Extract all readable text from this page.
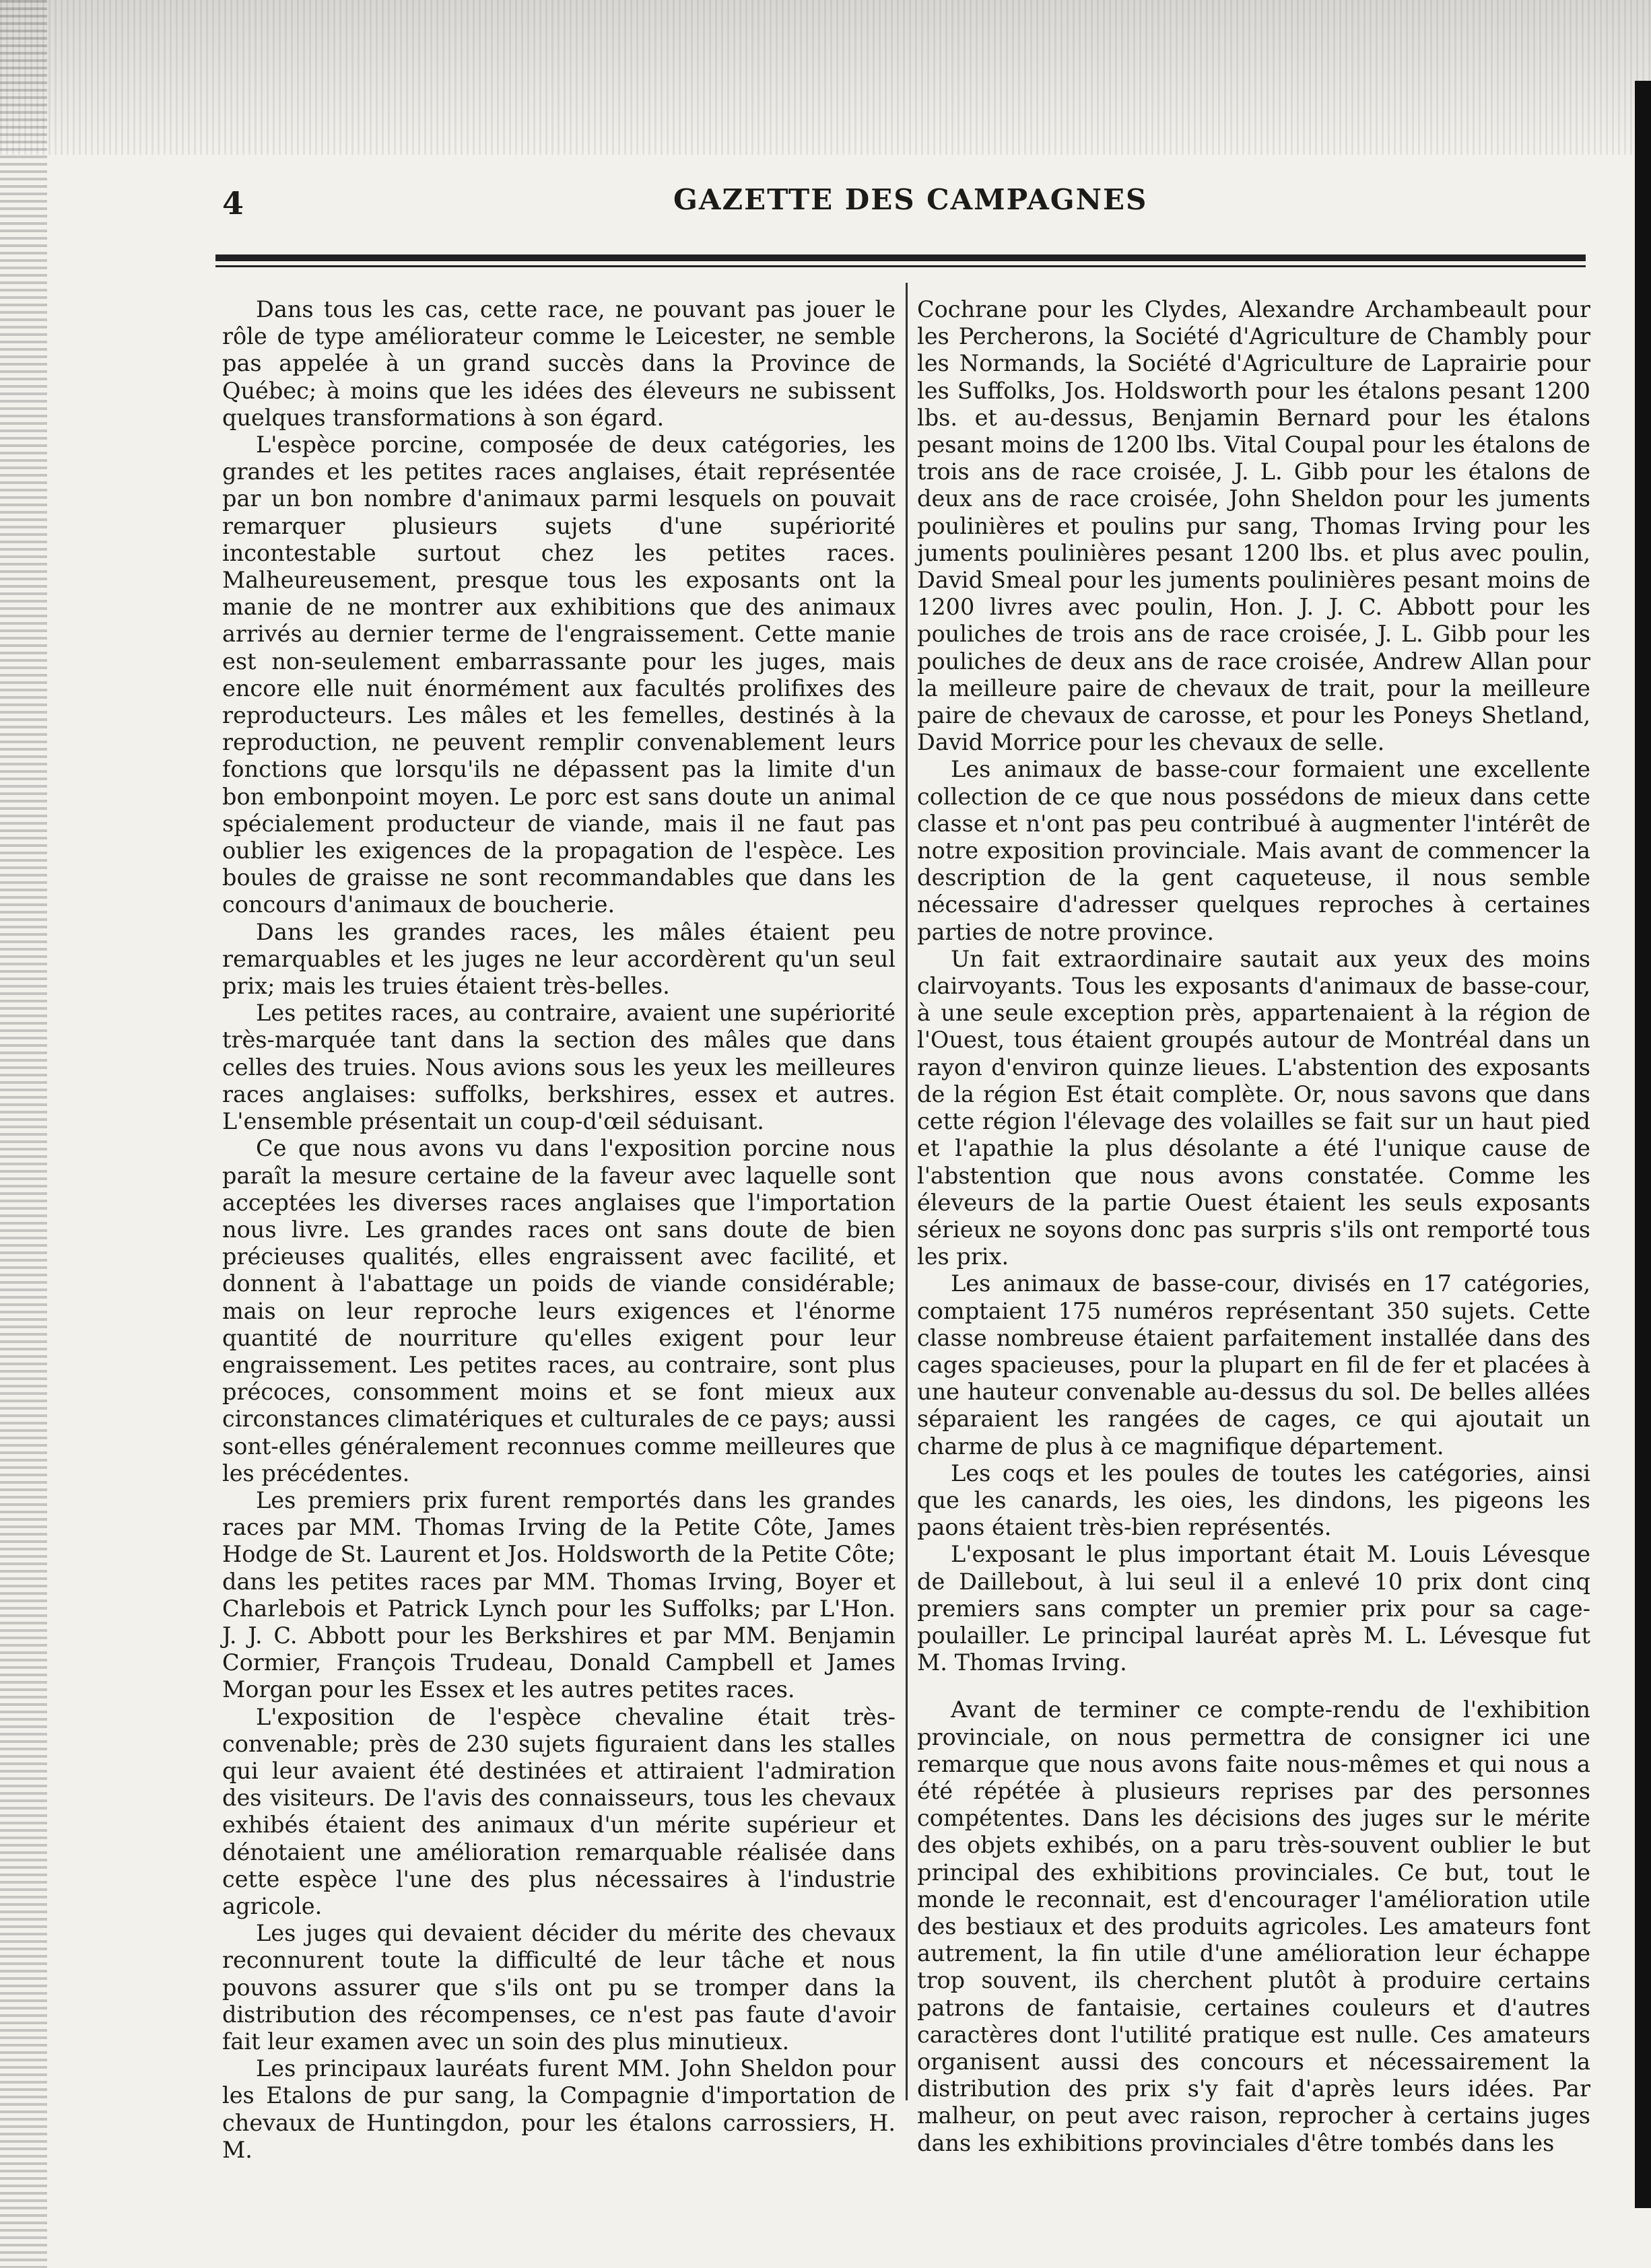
4	GAZETTE DES CAMPAGNES

Dans tous les cas, cette race, ne pouvant pas jouer le rôle de type améliorateur comme le Leicester, ne semble pas appelée à un grand succès dans la Province de Québec; à moins que les idées des éleveurs ne subissent quelques transformations à son égard.

L'espèce porcine, composée de deux catégories, les grandes et les petites races anglaises, était représentée par un bon nombre d'animaux parmi lesquels on pouvait remarquer plusieurs sujets d'une supériorité incontestable surtout chez les petites races. Malheureusement, presque tous les exposants ont la manie de ne montrer aux exhibitions que des animaux arrivés au dernier terme de l'engraissement. Cette manie est non-seulement embarrassante pour les juges, mais encore elle nuit énormément aux facultés prolifixes des reproducteurs. Les mâles et les femelles, destinés à la reproduction, ne peuvent remplir convenablement leurs fonctions que lorsqu'ils ne dépassent pas la limite d'un bon embonpoint moyen. Le porc est sans doute un animal spécialement producteur de viande, mais il ne faut pas oublier les exigences de la propagation de l'espèce. Les boules de graisse ne sont recommandables que dans les concours d'animaux de boucherie.

Dans les grandes races, les mâles étaient peu remarquables et les juges ne leur accordèrent qu'un seul prix; mais les truies étaient très-belles.

Les petites races, au contraire, avaient une supériorité très-marquée tant dans la section des mâles que dans celles des truies. Nous avions sous les yeux les meilleures races anglaises: suffolks, berkshires, essex et autres. L'ensemble présentait un coup-d'œil séduisant.

Ce que nous avons vu dans l'exposition porcine nous paraît la mesure certaine de la faveur avec laquelle sont acceptées les diverses races anglaises que l'importation nous livre. Les grandes races ont sans doute de bien précieuses qualités, elles engraissent avec facilité, et donnent à l'abattage un poids de viande considérable; mais on leur reproche leurs exigences et l'énorme quantité de nourriture qu'elles exigent pour leur engraissement. Les petites races, au contraire, sont plus précoces, consomment moins et se font mieux aux circonstances climatériques et culturales de ce pays; aussi sont-elles généralement reconnues comme meilleures que les précédentes.

Les premiers prix furent remportés dans les grandes races par MM. Thomas Irving de la Petite Côte, James Hodge de St. Laurent et Jos. Holdsworth de la Petite Côte; dans les petites races par MM. Thomas Irving, Boyer et Charlebois et Patrick Lynch pour les Suffolks; par L'Hon. J. J. C. Abbott pour les Berkshires et par MM. Benjamin Cormier, François Trudeau, Donald Campbell et James Morgan pour les Essex et les autres petites races.

L'exposition de l'espèce chevaline était très-convenable; près de 230 sujets figuraient dans les stalles qui leur avaient été destinées et attiraient l'admiration des visiteurs. De l'avis des connaisseurs, tous les chevaux exhibés étaient des animaux d'un mérite supérieur et dénotaient une amélioration remarquable réalisée dans cette espèce l'une des plus nécessaires à l'industrie agricole.

Les juges qui devaient décider du mérite des chevaux reconnurent toute la difficulté de leur tâche et nous pouvons assurer que s'ils ont pu se tromper dans la distribution des récompenses, ce n'est pas faute d'avoir fait leur examen avec un soin des plus minutieux.

Les principaux lauréats furent MM. John Sheldon pour les Etalons de pur sang, la Compagnie d'importation de chevaux de Huntingdon, pour les étalons carrossiers, H. M.

Cochrane pour les Clydes, Alexandre Archambeault pour les Percherons, la Société d'Agriculture de Chambly pour les Normands, la Société d'Agriculture de Laprairie pour les Suffolks, Jos. Holdsworth pour les étalons pesant 1200 lbs. et au-dessus, Benjamin Bernard pour les étalons pesant moins de 1200 lbs. Vital Coupal pour les étalons de trois ans de race croisée, J. L. Gibb pour les étalons de deux ans de race croisée, John Sheldon pour les juments poulinières et poulins pur sang, Thomas Irving pour les juments poulinières pesant 1200 lbs. et plus avec poulin, David Smeal pour les juments poulinières pesant moins de 1200 livres avec poulin, Hon. J. J. C. Abbott pour les pouliches de trois ans de race croisée, J. L. Gibb pour les pouliches de deux ans de race croisée, Andrew Allan pour la meilleure paire de chevaux de trait, pour la meilleure paire de chevaux de carosse, et pour les Poneys Shetland, David Morrice pour les chevaux de selle.

Les animaux de basse-cour formaient une excellente collection de ce que nous possédons de mieux dans cette classe et n'ont pas peu contribué à augmenter l'intérêt de notre exposition provinciale. Mais avant de commencer la description de la gent caqueteuse, il nous semble nécessaire d'adresser quelques reproches à certaines parties de notre province.

Un fait extraordinaire sautait aux yeux des moins clairvoyants. Tous les exposants d'animaux de basse-cour, à une seule exception près, appartenaient à la région de l'Ouest, tous étaient groupés autour de Montréal dans un rayon d'environ quinze lieues. L'abstention des exposants de la région Est était complète. Or, nous savons que dans cette région l'élevage des volailles se fait sur un haut pied et l'apathie la plus désolante a été l'unique cause de l'abstention que nous avons constatée. Comme les éleveurs de la partie Ouest étaient les seuls exposants sérieux ne soyons donc pas surpris s'ils ont remporté tous les prix.

Les animaux de basse-cour, divisés en 17 catégories, comptaient 175 numéros représentant 350 sujets. Cette classe nombreuse étaient parfaitement installée dans des cages spacieuses, pour la plupart en fil de fer et placées à une hauteur convenable au-dessus du sol. De belles allées séparaient les rangées de cages, ce qui ajoutait un charme de plus à ce magnifique département.

Les coqs et les poules de toutes les catégories, ainsi que les canards, les oies, les dindons, les pigeons les paons étaient très-bien représentés.

L'exposant le plus important était M. Louis Lévesque de Daillebout, à lui seul il a enlevé 10 prix dont cinq premiers sans compter un premier prix pour sa cage-poulailler. Le principal lauréat après M. L. Lévesque fut M. Thomas Irving.

Avant de terminer ce compte-rendu de l'exhibition provinciale, on nous permettra de consigner ici une remarque que nous avons faite nous-mêmes et qui nous a été répétée à plusieurs reprises par des personnes compétentes. Dans les décisions des juges sur le mérite des objets exhibés, on a paru très-souvent oublier le but principal des exhibitions provinciales. Ce but, tout le monde le reconnait, est d'encourager l'amélioration utile des bestiaux et des produits agricoles. Les amateurs font autrement, la fin utile d'une amélioration leur échappe trop souvent, ils cherchent plutôt à produire certains patrons de fantaisie, certaines couleurs et d'autres caractères dont l'utilité pratique est nulle. Ces amateurs organisent aussi des concours et nécessairement la distribution des prix s'y fait d'après leurs idées. Par malheur, on peut avec raison, reprocher à certains juges dans les exhibitions provinciales d'être tombés dans les
